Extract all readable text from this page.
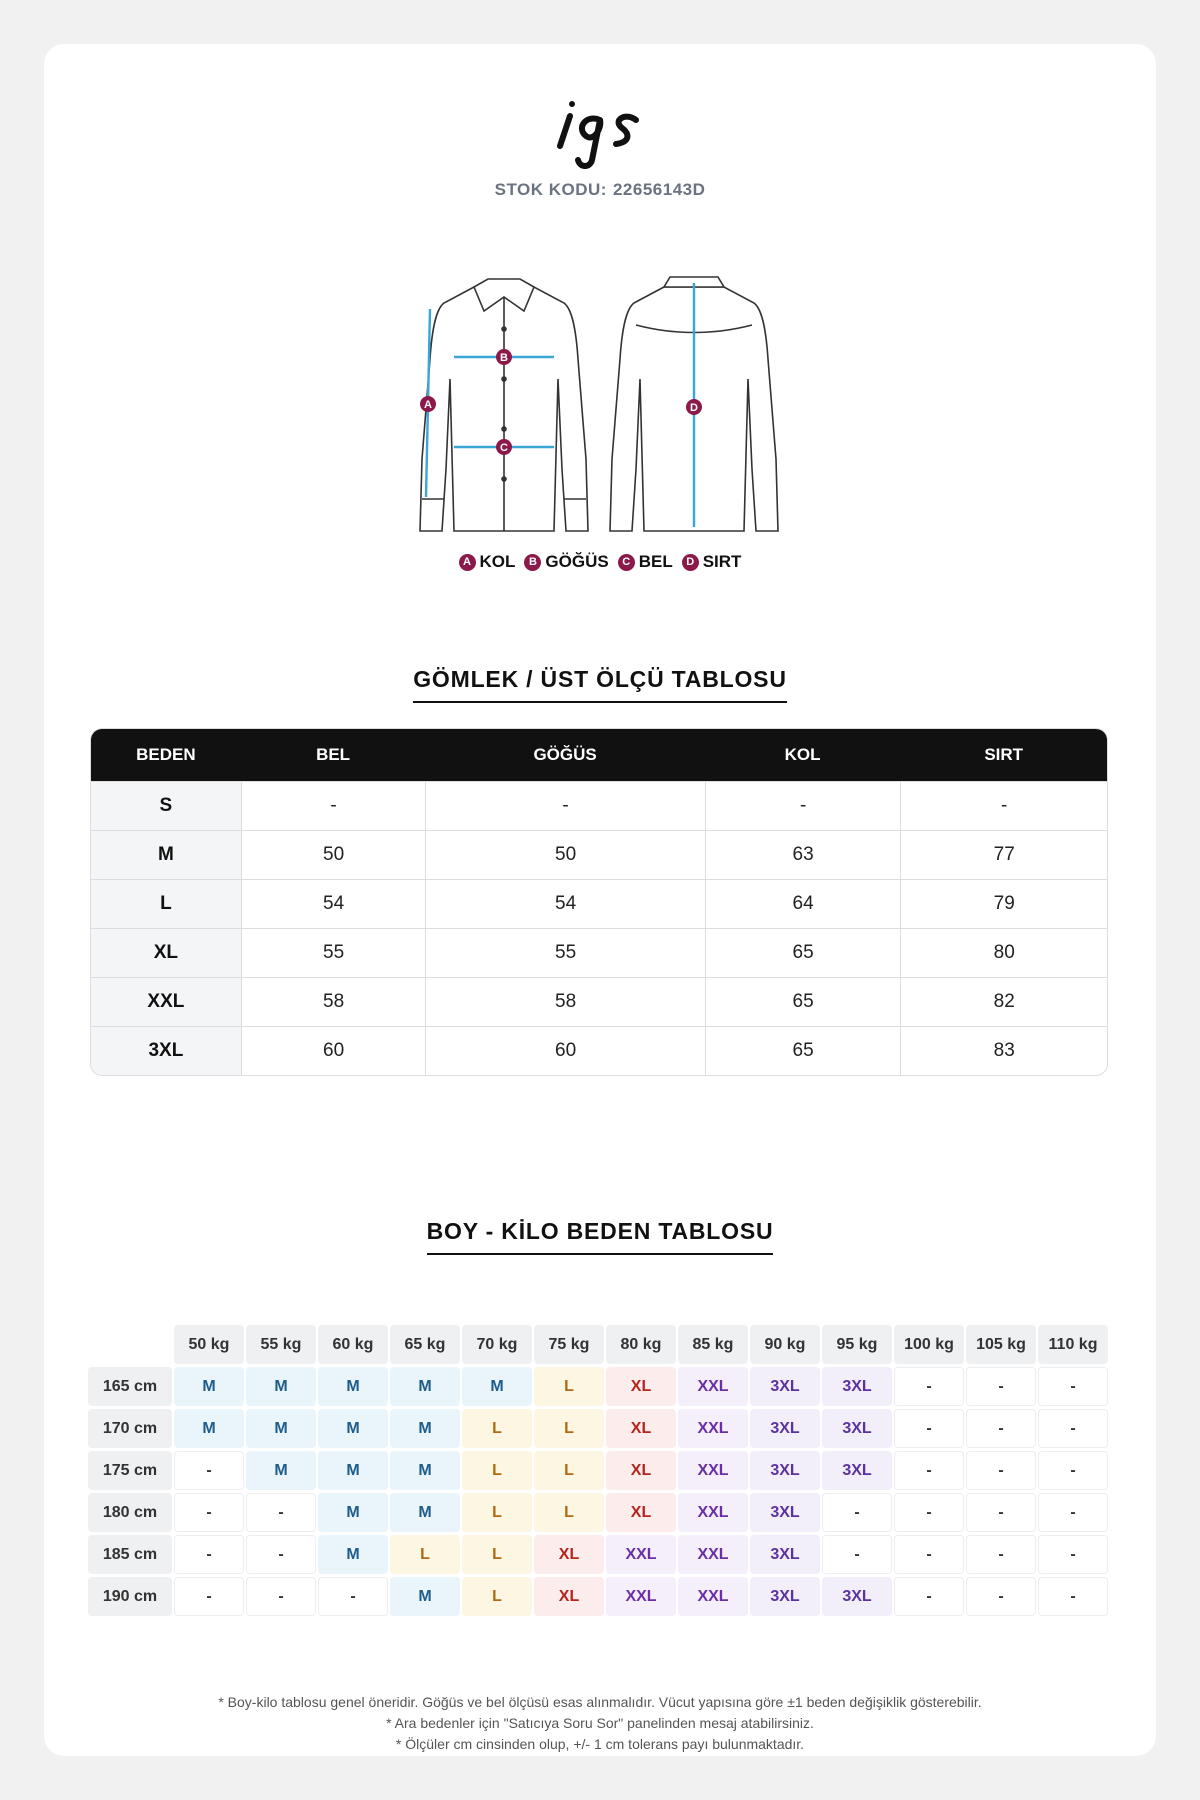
STOK KODU: 22656143D
A
B
C
D
A KOL	B GÖĞÜS	C BEL	D SIRT
GÖMLEK / ÜST ÖLÇÜ TABLOSU
BEDEN	BEL	GÖĞÜS	KOL	SIRT
S	-	-	-	-
M	50	50	63	77
L	54	54	64	79
XL	55	55	65	80
XXL	58	58	65	82
3XL	60	60	65	83
BOY - KİLO BEDEN TABLOSU
50 kg	55 kg	60 kg	65 kg	70 kg	75 kg	80 kg	85 kg	90 kg	95 kg	100 kg	105 kg	110 kg
165 cm	M	M	M	M	M	L	XL	XXL	3XL	3XL	-	-	-
170 cm	M	M	M	M	L	L	XL	XXL	3XL	3XL	-	-	-
175 cm	-	M	M	M	L	L	XL	XXL	3XL	3XL	-	-	-
180 cm	-	-	M	M	L	L	XL	XXL	3XL	-	-	-	-
185 cm	-	-	M	L	L	XL	XXL	XXL	3XL	-	-	-	-
190 cm	-	-	-	M	L	XL	XXL	XXL	3XL	3XL	-	-	-
* Boy-kilo tablosu genel öneridir. Göğüs ve bel ölçüsü esas alınmalıdır. Vücut yapısına göre ±1 beden değişiklik gösterebilir.
* Ara bedenler için "Satıcıya Soru Sor" panelinden mesaj atabilirsiniz.
* Ölçüler cm cinsinden olup, +/- 1 cm tolerans payı bulunmaktadır.
